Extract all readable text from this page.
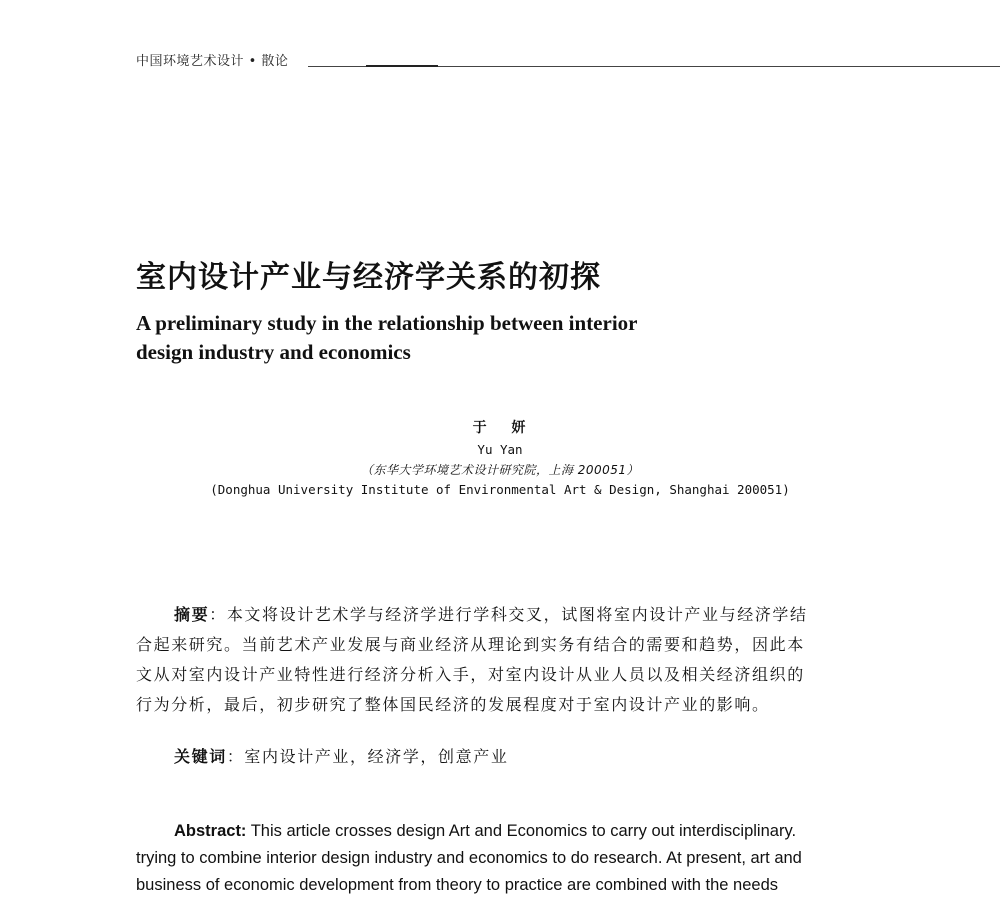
中国环境艺术设计 • 散论
室内设计产业与经济学关系的初探
A preliminary study in the relationship between interior
design industry and economics
于 妍
Yu Yan
（东华大学环境艺术设计研究院，上海 200051）
(Donghua University Institute of Environmental Art & Design, Shanghai 200051)
摘要：本文将设计艺术学与经济学进行学科交叉，试图将室内设计产业与经济学结
合起来研究。当前艺术产业发展与商业经济从理论到实务有结合的需要和趋势，因此本
文从对室内设计产业特性进行经济分析入手，对室内设计从业人员以及相关经济组织的
行为分析，最后，初步研究了整体国民经济的发展程度对于室内设计产业的影响。
关键词：室内设计产业，经济学，创意产业
Abstract: This article crosses design Art and Economics to carry out interdisciplinary.
trying to combine interior design industry and economics to do research. At present, art and
business of economic development from theory to practice are combined with the needs
